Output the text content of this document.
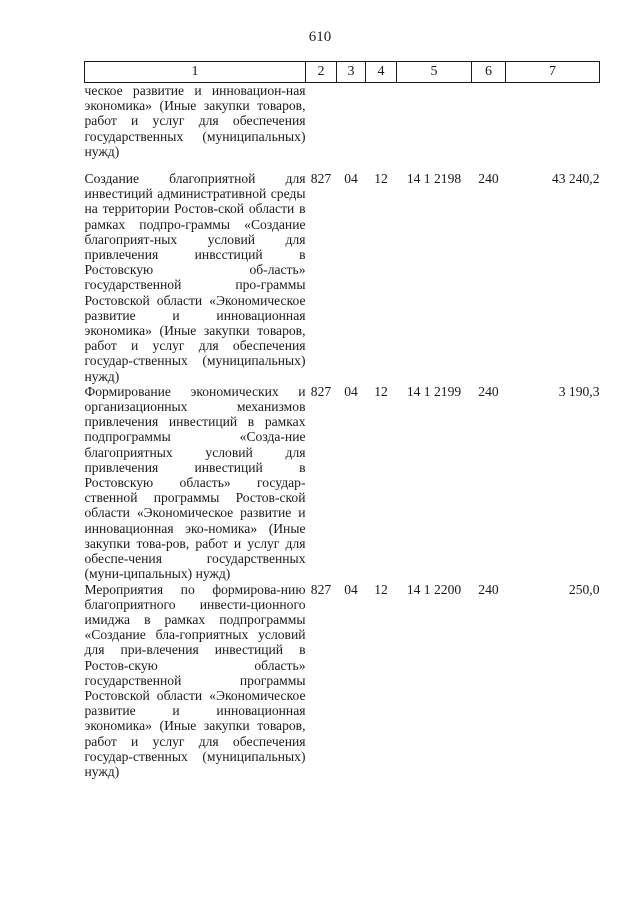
610
1	2	3	4	5	6	7
ческое развитие и инновацион-ная экономика» (Иные закупки товаров, работ и услуг для обеспечения государственных (муниципальных) нужд)						
Создание благоприятной для инвестиций административной среды на территории Ростов-ской области в рамках подпро-граммы «Создание благоприят-ных условий для привлечения инвсстиций в Ростовскую об-ласть» государственной про-граммы Ростовской области «Экономическое развитие и инновационная экономика» (Иные закупки товаров, работ и услуг для обеспечения государ-ственных (муниципальных) нужд)	827	04	12	14 1 2198	240	43 240,2
Формирование экономических и организационных механизмов привлечения инвестиций в рамках подпрограммы «Созда-ние благоприятных условий для привлечения инвестиций в Ростовскую область» государ-ственной программы Ростов-ской области «Экономическое развитие и инновационная эко-номика» (Иные закупки това-ров, работ и услуг для обеспе-чения государственных (муни-ципальных) нужд)	827	04	12	14 1 2199	240	3 190,3
Мероприятия по формирова-нию благоприятного инвести-ционного имиджа в рамках подпрограммы «Создание бла-гоприятных условий для при-влечения инвестиций в Ростов-скую область» государственной программы Ростовской области «Экономическое развитие и инновационная экономика» (Иные закупки товаров, работ и услуг для обеспечения государ-ственных (муниципальных) нужд)	827	04	12	14 1 2200	240	250,0
